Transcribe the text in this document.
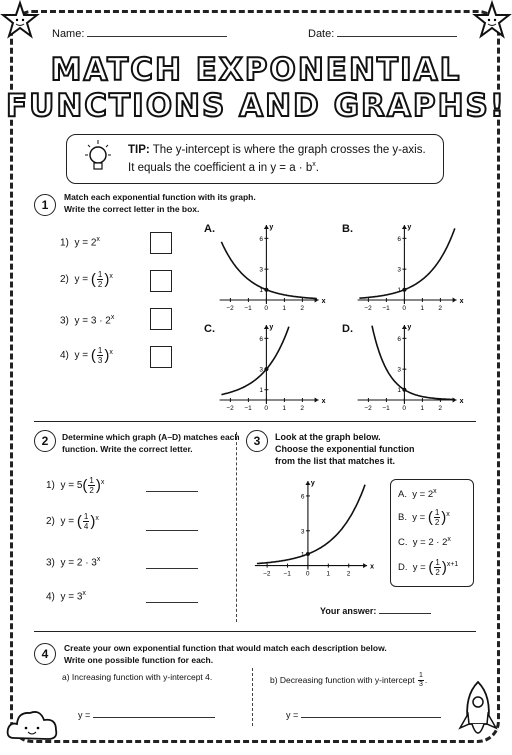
Name:	Date:
MATCH EXPONENTIAL
FUNCTIONS AND GRAPHS!
TIP: The y-intercept is where the graph crosses the y-axis.
It equals the coefficient a in $y = a \cdot b^x$.
1
Match each exponential function with its graph.
Write the correct letter in the box.
1)  $y = 2^x$
2)  y = ( $\frac{1}{2} )^x$
3)  $y = 3 \cdot 2^x$
4)  y = ( $\frac{1}{3} )^x$
A.	B.
C.	D.
x
y
−2 −1 0 1 2
6
3
1
x
y
−2 −1 0 1 2
6
3
1
x
y
−2 −1 0 1 2
6
3
1
x
y
−2 −1 0 1 2
6
3
1
2	Determine which graph (A–D) matches each
function. Write the correct letter.
1)  $y = 5( \frac{1}{2} )^x$
2)  y = ( $\frac{1}{4} )^x$
3)  $y = 2 \cdot 3^x$
4)  $y = 3^x$
3	Look at the graph below.
Choose the exponential function
from the list that matches it.
x
y
−2 −1 0	1	2
6
3
1
A.  $y = 2^x$
B.  y = ( $\frac{1}{2} )^x$
C.  $y = 2 \cdot 2^x$
D.  y = ( $\frac{1}{2} )^{x+1}$
Your answer:
4	Create your own exponential function that would match each description below.
Write one possible function for each.
a) Increasing function with y-intercept 4.	b) Decreasing function with y-intercept $\frac{1}{3}$ .
y =	y =
